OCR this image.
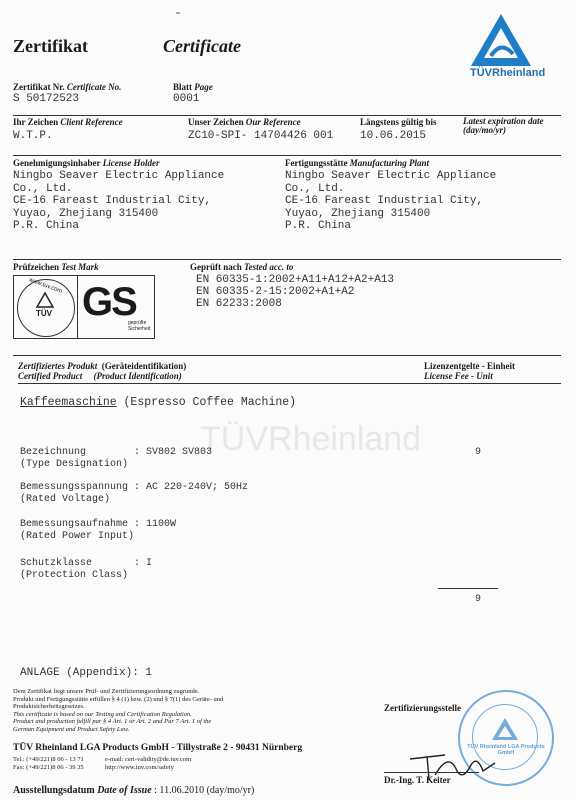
Zertifikat	Certificate
TÜVRheinland
Zertifikat Nr. Certificate No.
S 50172523
Blatt Page
0001
Ihr Zeichen Client Reference
W.T.P.
Unser Zeichen Our Reference
ZC10-SPI- 14704426 001
Längstens gültig bis	Latest expiration date
(day/mo/yr)
10.06.2015
Genehmigungsinhaber License Holder
Ningbo Seaver Electric Appliance
Co., Ltd.
CE-16 Fareast Industrial City,
Yuyao, Zhejiang 315400
P.R. China
Fertigungsstätte Manufacturing Plant
Ningbo Seaver Electric Appliance
Co., Ltd.
CE-16 Fareast Industrial City,
Yuyao, Zhejiang 315400
P.R. China
Prüfzeichen Test Mark
www.tuv.com
TÜV GS
geprüfte Sicherheit
Geprüft nach Tested acc. to
EN 60335-1:2002+A11+A12+A2+A13
EN 60335-2-15:2002+A1+A2
EN 62233:2008
Zertifiziertes Produkt (Geräteidentifikation)
Certified Product (Product Identification)
Lizenzentgelte - Einheit
License Fee - Unit
TÜVRheinland
Kaffeemaschine (Espresso Coffee Machine)
Bezeichnung	: SV802 SV803
(Type Designation)
9
Bemessungsspannung : AC 220-240V; 50Hz
(Rated Voltage)
Bemessungsaufnahme : 1100W
(Rated Power Input)
Schutzklasse	: I
(Protection Class)
9
ANLAGE (Appendix): 1
Dem Zertifikat liegt unsere Prüf- und Zertifizierungsordnung zugrunde.
Produkt und Fertigungsstätte erfüllen § 4 (1) bzw. (2) und § 7(1) des Geräte- und
Produktsicherheitsgesetzes.
This certificate is based on our Testing and Certification Regulation.
Product and production fulfill par § 4 Art. 1 or Art. 2 and Par 7 Art. 1 of the
German Equipment and Product Safety Law.
TÜV Rheinland LGA Products GmbH - Tillystraße 2 - 90431 Nürnberg
Tel.: (+49/221)8 06 - 13 71	e-mail: cert-validity@de.tuv.com
Fax: (+49/221)8 06 - 39 35	http://www.tuv.com/safety
Zertifizierungsstelle
TÜV Rheinland LGA Products GmbH
Dr.-Ing. T. Keiter
Ausstellungsdatum Date of Issue : 11.06.2010 (day/mo/yr)
